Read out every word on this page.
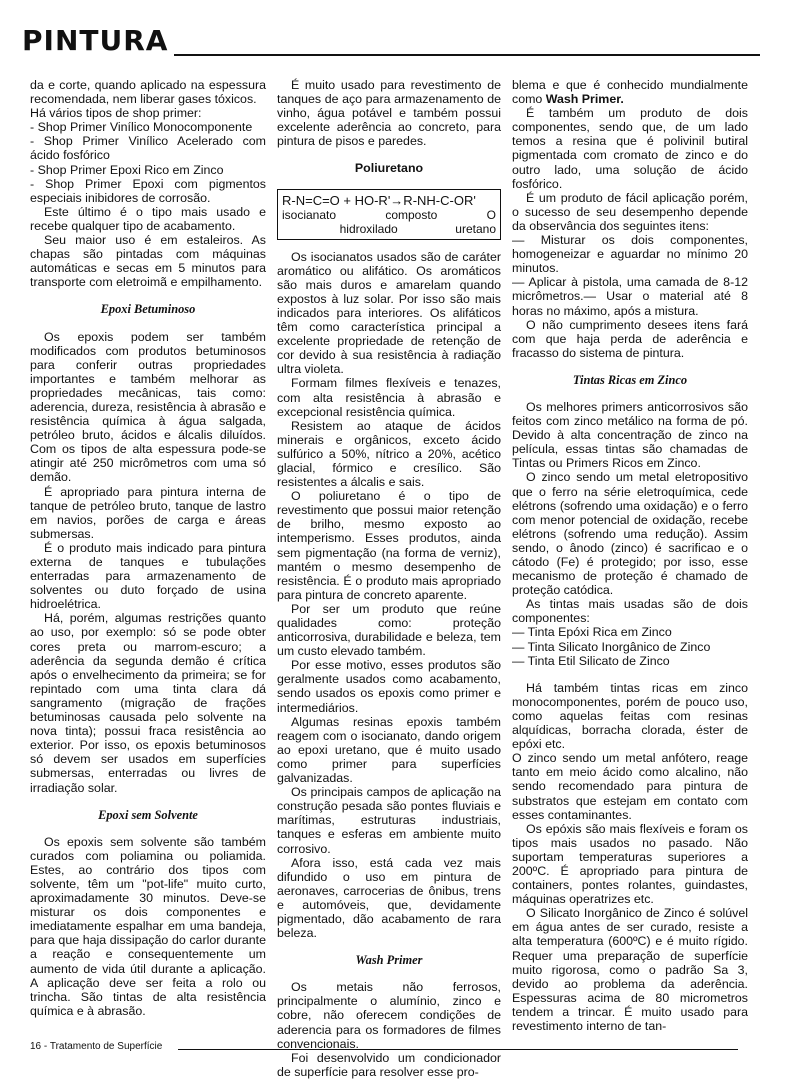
PINTURA

da e corte, quando aplicado na espessura recomendada, nem liberar gases tóxicos.

Há vários tipos de shop primer:

- Shop Primer Vinílico Monocomponente

- Shop Primer Vinílico Acelerado com ácido fosfórico

- Shop Primer Epoxi Rico em Zinco

- Shop Primer Epoxi com pigmentos especiais inibidores de corrosão.

Este último é o tipo mais usado e recebe qualquer tipo de acabamento.

Seu maior uso é em estaleiros. As chapas são pintadas com máquinas automáticas e secas em 5 minutos para transporte com eletroimã e empilhamento.

Epoxi Betuminoso

Os epoxis podem ser também modificados com produtos betuminosos para conferir outras propriedades importantes e também melhorar as propriedades mecânicas, tais como: aderencia, dureza, resistência à abrasão e resistência química à água salgada, petróleo bruto, ácidos e álcalis diluídos. Com os tipos de alta espessura pode-se atingir até 250 micrômetros com uma só demão.

É apropriado para pintura interna de tanque de petróleo bruto, tanque de lastro em navios, porões de carga e áreas submersas.

É o produto mais indicado para pintura externa de tanques e tubulações enterradas para armazenamento de solventes ou duto forçado de usina hidroelétrica.

Há, porém, algumas restrições quanto ao uso, por exemplo: só se pode obter cores preta ou marrom-escuro; a aderência da segunda demão é crítica após o envelhecimento da primeira; se for repintado com uma tinta clara dá sangramento (migração de frações betuminosas causada pelo solvente na nova tinta); possui fraca resistência ao exterior. Por isso, os epoxis betuminosos só devem ser usados em superfícies submersas, enterradas ou livres de irradiação solar.

Epoxi sem Solvente

Os epoxis sem solvente são também curados com poliamina ou poliamida. Estes, ao contrário dos tipos com solvente, têm um "pot-life" muito curto, aproximadamente 30 minutos. Deve-se misturar os dois componentes e imediatamente espalhar em uma bandeja, para que haja dissipação do carlor durante a reação e consequentemente um aumento de vida útil durante a aplicação. A aplicação deve ser feita a rolo ou trincha. São tintas de alta resistência química e à abrasão.

É muito usado para revestimento de tanques de aço para armazenamento de vinho, água potável e também possui excelente aderência ao concreto, para pintura de pisos e paredes.

Poliuretano
R-N=C=O + HO-R'→R-NH-C-OR'
isocianato	composto	O
hidroxilado	uretano

Os isocianatos usados são de caráter aromático ou alifático. Os aromáticos são mais duros e amarelam quando expostos à luz solar. Por isso são mais indicados para interiores. Os alifáticos têm como característica principal a excelente propriedade de retenção de cor devido à sua resistência à radiação ultra violeta.

Formam filmes flexíveis e tenazes, com alta resistência à abrasão e excepcional resistência química.

Resistem ao ataque de ácidos minerais e orgânicos, exceto ácido sulfúrico a 50%, nítrico a 20%, acético glacial, fórmico e cresílico. São resistentes a álcalis e sais.

O poliuretano é o tipo de revestimento que possui maior retenção de brilho, mesmo exposto ao intemperismo. Esses produtos, ainda sem pigmentação (na forma de verniz), mantém o mesmo desempenho de resistência. É o produto mais apropriado para pintura de concreto aparente.

Por ser um produto que reúne qualidades como: proteção anticorrosiva, durabilidade e beleza, tem um custo elevado também.

Por esse motivo, esses produtos são geralmente usados como acabamento, sendo usados os epoxis como primer e intermediários.

Algumas resinas epoxis também reagem com o isocianato, dando origem ao epoxi uretano, que é muito usado como primer para superfícies galvanizadas.

Os principais campos de aplicação na construção pesada são pontes fluviais e marítimas, estruturas industriais, tanques e esferas em ambiente muito corrosivo.

Afora isso, está cada vez mais difundido o uso em pintura de aeronaves, carrocerias de ônibus, trens e automóveis, que, devidamente pigmentado, dão acabamento de rara beleza.

Wash Primer

Os metais não ferrosos, principalmente o alumínio, zinco e cobre, não oferecem condições de aderencia para os formadores de filmes convencionais.

Foi desenvolvido um condicionador de superfície para resolver esse pro-

blema e que é conhecido mundialmente como Wash Primer.

É também um produto de dois componentes, sendo que, de um lado temos a resina que é polivinil butiral pigmentada com cromato de zinco e do outro lado, uma solução de ácido fosfórico.

É um produto de fácil aplicação porém, o sucesso de seu desempenho depende da observância dos seguintes itens:

— Misturar os dois componentes, homogeneizar e aguardar no mínimo 20 minutos.

— Aplicar à pistola, uma camada de 8-12 micrômetros.— Usar o material até 8 horas no máximo, após a mistura.

O não cumprimento desees itens fará com que haja perda de aderência e fracasso do sistema de pintura.

Tintas Ricas em Zinco

Os melhores primers anticorrosivos são feitos com zinco metálico na forma de pó. Devido à alta concentração de zinco na película, essas tintas são chamadas de Tintas ou Primers Ricos em Zinco.

O zinco sendo um metal eletropositivo que o ferro na série eletroquímica, cede elétrons (sofrendo uma oxidação) e o ferro com menor potencial de oxidação, recebe elétrons (sofrendo uma redução). Assim sendo, o ânodo (zinco) é sacrificao e o cátodo (Fe) é protegido; por isso, esse mecanismo de proteção é chamado de proteção catódica.

As tintas mais usadas são de dois componentes:

— Tinta Epóxi Rica em Zinco

— Tinta Silicato Inorgânico de Zinco

— Tinta Etil Silicato de Zinco

Há também tintas ricas em zinco monocomponentes, porém de pouco uso, como aquelas feitas com resinas alquídicas, borracha clorada, éster de epóxi etc.

O zinco sendo um metal anfótero, reage tanto em meio ácido como alcalino, não sendo recomendado para pintura de substratos que estejam em contato com esses contaminantes.

Os epóxis são mais flexíveis e foram os tipos mais usados no pasado. Não suportam temperaturas superiores a 200ºC. É apropriado para pintura de containers, pontes rolantes, guindastes, máquinas operatrizes etc.

O Silicato Inorgânico de Zinco é solúvel em água antes de ser curado, resiste a alta temperatura (600ºC) e é muito rígido. Requer uma preparação de superfície muito rigorosa, como o padrão Sa 3, devido ao problema da aderência. Espessuras acima de 80 micrometros tendem a trincar. É muito usado para revestimento interno de tan-

16 - Tratamento de Superfície
